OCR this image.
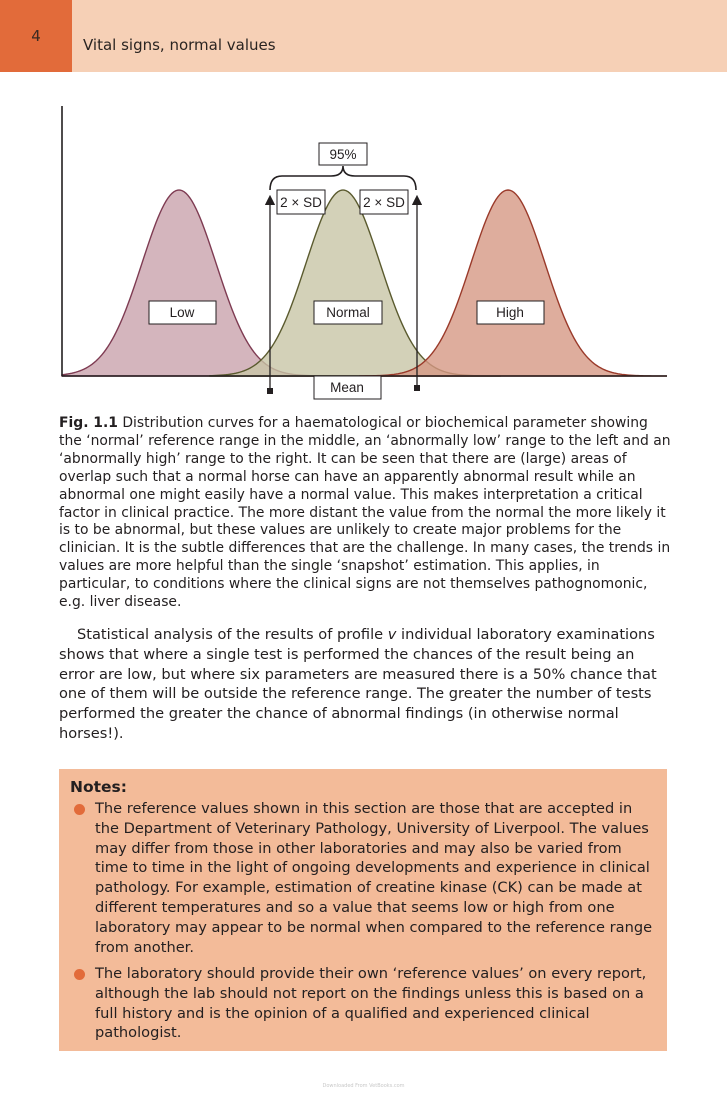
4	Vital signs, normal values
95%
2 × SD	2 × SD
Low	Normal	High
Mean
Fig. 1.1 Distribution curves for a haematological or biochemical parameter showing the ‘normal’ reference range in the middle, an ‘abnormally low’ range to the left and an ‘abnormally high’ range to the right. It can be seen that there are (large) areas of overlap such that a normal horse can have an apparently abnormal result while an abnormal one might easily have a normal value. This makes interpretation a critical factor in clinical practice. The more distant the value from the normal the more likely it is to be abnormal, but these values are unlikely to create major problems for the clinician. It is the subtle differences that are the challenge. In many cases, the trends in values are more helpful than the single ‘snapshot’ estimation. This applies, in particular, to conditions where the clinical signs are not themselves pathognomonic, e.g. liver disease.
Statistical analysis of the results of profile v individual laboratory examinations shows that where a single test is performed the chances of the result being an error are low, but where six parameters are measured there is a 50% chance that one of them will be outside the reference range. The greater the number of tests performed the greater the chance of abnormal findings (in otherwise normal horses!).
Notes:
The reference values shown in this section are those that are accepted in the Department of Veterinary Pathology, University of Liverpool. The values may differ from those in other laboratories and may also be varied from time to time in the light of ongoing developments and experience in clinical pathology. For example, estimation of creatine kinase (CK) can be made at different temperatures and so a value that seems low or high from one laboratory may appear to be normal when compared to the reference range from another.
The laboratory should provide their own ‘reference values’ on every report, although the lab should not report on the findings unless this is based on a full history and is the opinion of a qualified and experienced clinical pathologist.
Downloaded From VetBooks.com
